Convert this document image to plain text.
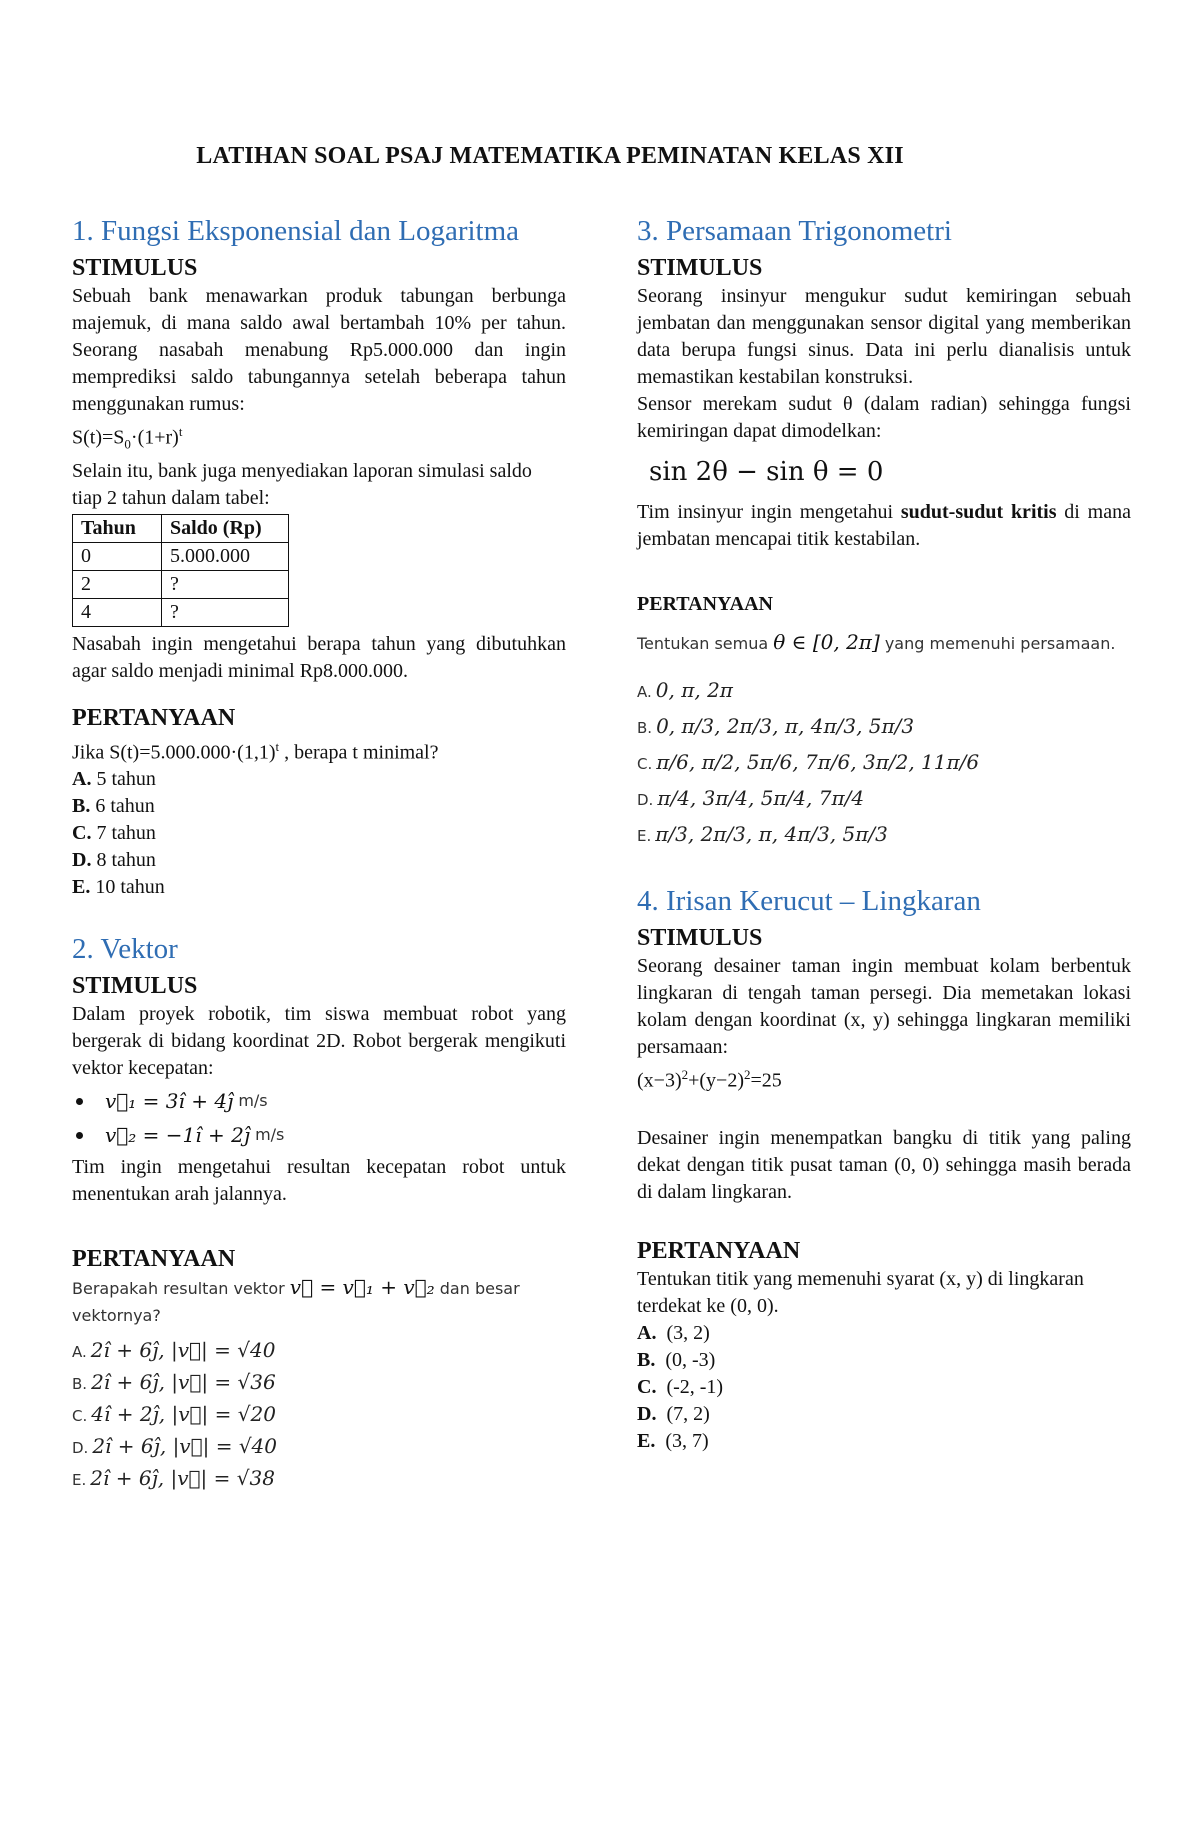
LATIHAN SOAL PSAJ MATEMATIKA PEMINATAN KELAS XII
1. Fungsi Eksponensial dan Logaritma

STIMULUS

Sebuah bank menawarkan produk tabungan berbunga majemuk, di mana saldo awal bertambah 10% per tahun. Seorang nasabah menabung Rp5.000.000 dan ingin memprediksi saldo tabungannya setelah beberapa tahun menggunakan rumus:

$S(t)=S_0\cdot(1+r)^t$

Selain itu, bank juga menyediakan laporan simulasi saldo tiap 2 tahun dalam tabel:

Tahun	Saldo (Rp)
0	5.000.000
2	?
4	?

Nasabah ingin mengetahui berapa tahun yang dibutuhkan agar saldo menjadi minimal Rp8.000.000.

PERTANYAAN

Jika $S(t)=5.000.000\cdot(1,1)^t$ , berapa t minimal?

A. 5 tahun

B. 6 tahun

C. 7 tahun

D. 8 tahun

E. 10 tahun

2. Vektor

STIMULUS

Dalam proyek robotik, tim siswa membuat robot yang bergerak di bidang koordinat 2D. Robot bergerak mengikuti vektor kecepatan:

v⃗₁ = 3î + 4ĵ
m/s
v⃗₂ = −1î + 2ĵ
m/s

Tim ingin mengetahui resultan kecepatan robot untuk menentukan arah jalannya.

PERTANYAAN

Berapakah resultan vektor v⃗ = v⃗₁ + v⃗₂ dan besar vektornya?

A. 2î + 6ĵ, |v⃗| = √40

B. 2î + 6ĵ, |v⃗| = √36

C. 4î + 2ĵ, |v⃗| = √20

D. 2î + 6ĵ, |v⃗| = √40

E. 2î + 6ĵ, |v⃗| = √38

3. Persamaan Trigonometri

STIMULUS

Seorang insinyur mengukur sudut kemiringan sebuah jembatan dan menggunakan sensor digital yang memberikan data berupa fungsi sinus. Data ini perlu dianalisis untuk memastikan kestabilan konstruksi.

Sensor merekam sudut θ (dalam radian) sehingga fungsi kemiringan dapat dimodelkan:

sin 2θ − sin θ = 0

Tim insinyur ingin mengetahui sudut-sudut kritis di mana jembatan mencapai titik kestabilan.

PERTANYAAN

Tentukan semua θ ∈ [0, 2π] yang memenuhi persamaan.

A. 0, π, 2π

B. 0, π/3, 2π/3, π, 4π/3, 5π/3

C. π/6, π/2, 5π/6, 7π/6, 3π/2, 11π/6

D. π/4, 3π/4, 5π/4, 7π/4

E. π/3, 2π/3, π, 4π/3, 5π/3

4. Irisan Kerucut – Lingkaran

STIMULUS

Seorang desainer taman ingin membuat kolam berbentuk lingkaran di tengah taman persegi. Dia memetakan lokasi kolam dengan koordinat (x, y) sehingga lingkaran memiliki persamaan:

$(x-3)^2+(y-2)^2=25$

Desainer ingin menempatkan bangku di titik yang paling dekat dengan titik pusat taman (0, 0) sehingga masih berada di dalam lingkaran.

PERTANYAAN

Tentukan titik yang memenuhi syarat (x, y) di lingkaran terdekat ke (0, 0).

A. (3, 2)

B. (0, -3)

C. (-2, -1)

D. (7, 2)

E. (3, 7)
